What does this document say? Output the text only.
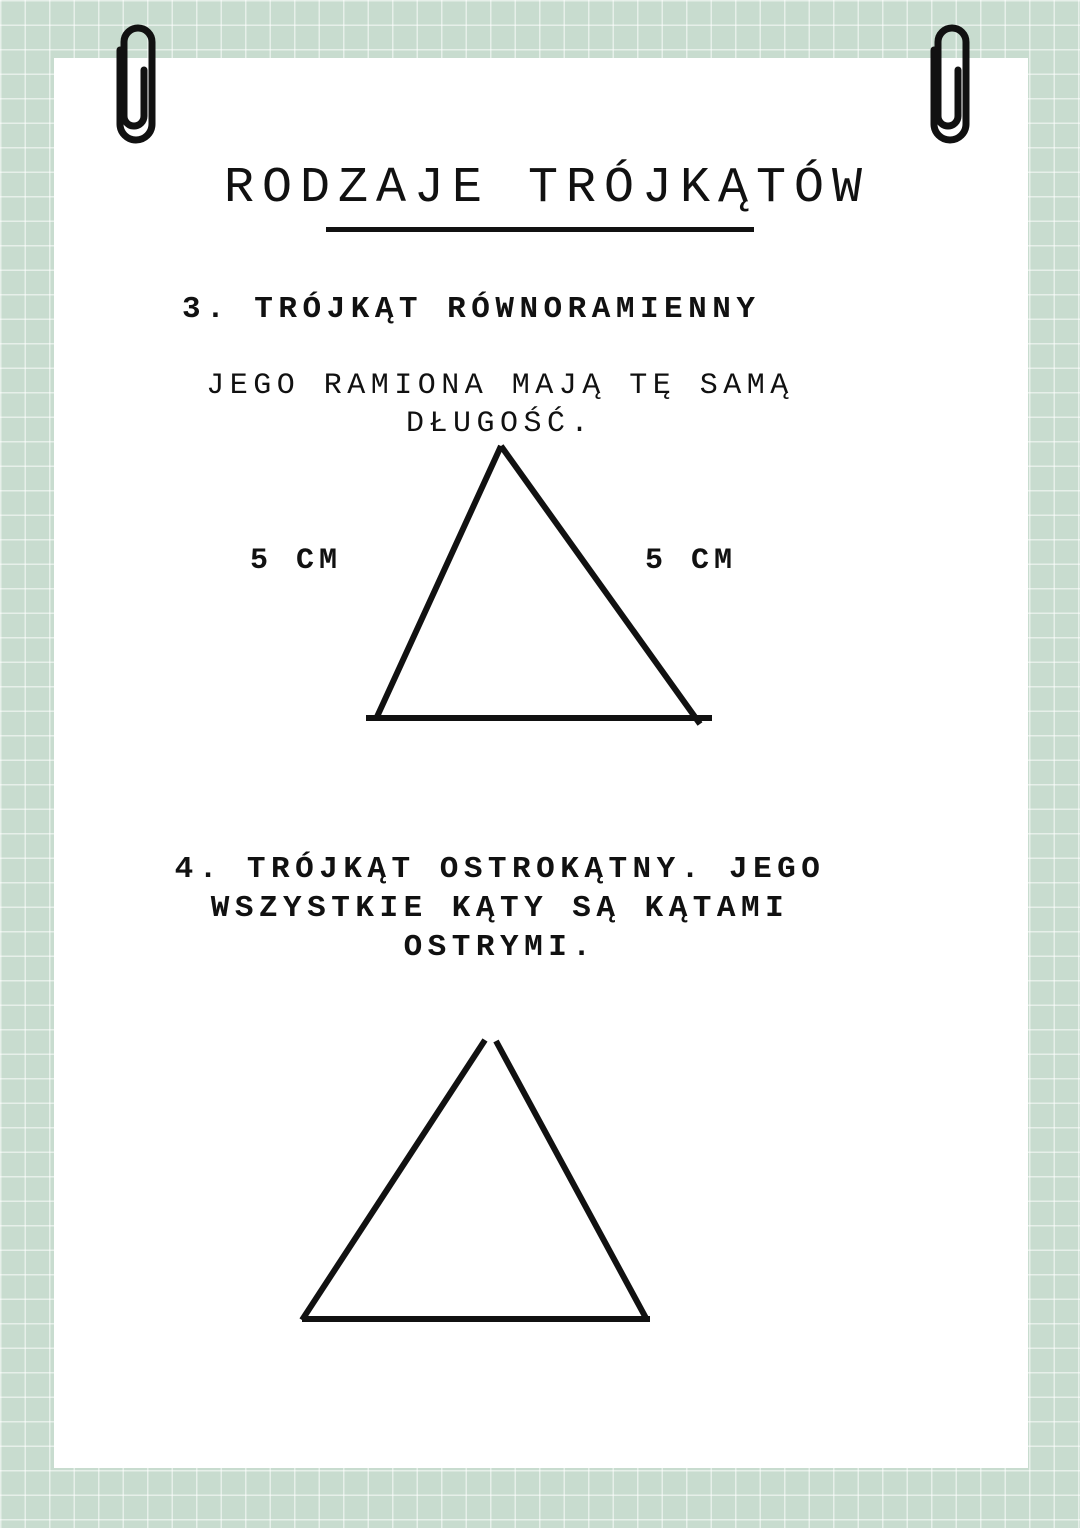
RODZAJE TRÓJKĄTÓW
3. TRÓJKĄT RÓWNORAMIENNY

JEGO RAMIONA MAJĄ TĘ SAMĄ DŁUGOŚĆ.

5 CM	5 CM

4. TRÓJKĄT OSTROKĄTNY. JEGO WSZYSTKIE KĄTY SĄ KĄTAMI OSTRYMI.
